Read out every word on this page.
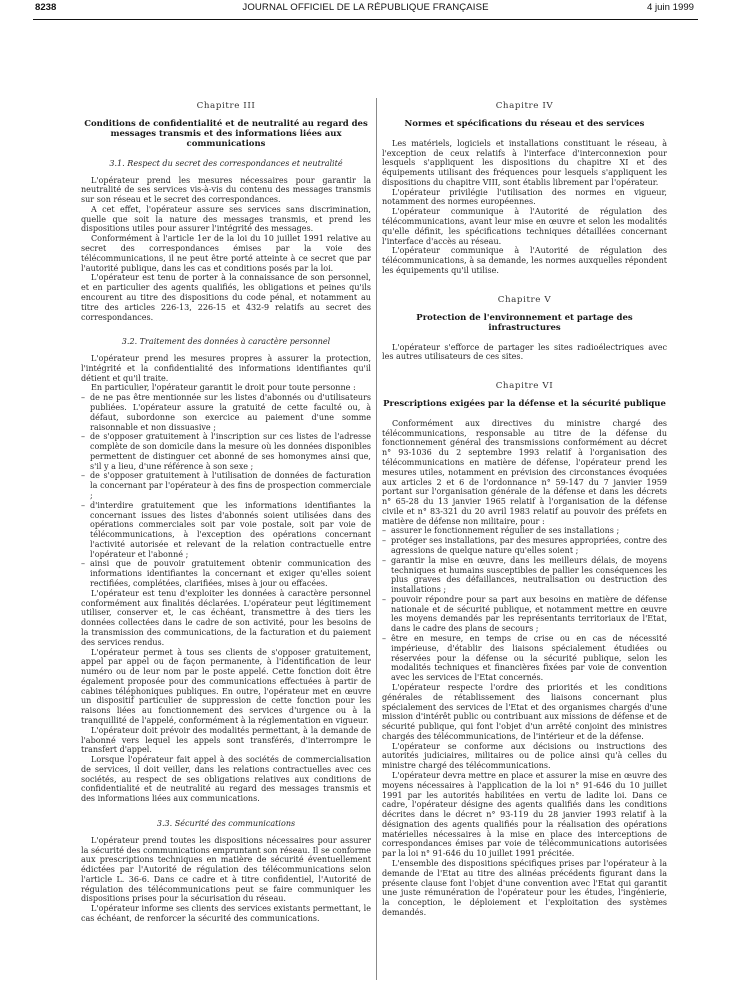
8238	JOURNAL OFFICIEL DE LA RÉPUBLIQUE FRANÇAISE	4 juin 1999
Chapitre III
Conditions de confidentialité et de neutralité au regard des messages transmis et des informations liées aux communications
3.1. Respect du secret des correspondances et neutralité

L'opérateur prend les mesures nécessaires pour garantir la neutralité de ses services vis-à-vis du contenu des messages transmis sur son réseau et le secret des correspondances.

A cet effet, l'opérateur assure ses services sans discrimination, quelle que soit la nature des messages transmis, et prend les dispositions utiles pour assurer l'intégrité des messages.

Conformément à l'article 1er de la loi du 10 juillet 1991 relative au secret des correspondances émises par la voie des télécommunications, il ne peut être porté atteinte à ce secret que par l'autorité publique, dans les cas et conditions posés par la loi.

L'opérateur est tenu de porter à la connaissance de son personnel, et en particulier des agents qualifiés, les obligations et peines qu'ils encourent au titre des dispositions du code pénal, et notamment au titre des articles 226-13, 226-15 et 432-9 relatifs au secret des correspondances.

3.2. Traitement des données à caractère personnel

L'opérateur prend les mesures propres à assurer la protection, l'intégrité et la confidentialité des informations identifiantes qu'il détient et qu'il traite.

En particulier, l'opérateur garantit le droit pour toute personne :

– de ne pas être mentionnée sur les listes d'abonnés ou d'utilisateurs publiées. L'opérateur assure la gratuité de cette faculté ou, à défaut, subordonne son exercice au paiement d'une somme raisonnable et non dissuasive ;
– de s'opposer gratuitement à l'inscription sur ces listes de l'adresse complète de son domicile dans la mesure où les données disponibles permettent de distinguer cet abonné de ses homonymes ainsi que, s'il y a lieu, d'une référence à son sexe ;
– de s'opposer gratuitement à l'utilisation de données de facturation la concernant par l'opérateur à des fins de prospection commerciale ;
– d'interdire gratuitement que les informations identifiantes la concernant issues des listes d'abonnés soient utilisées dans des opérations commerciales soit par voie postale, soit par voie de télécommunications, à l'exception des opérations concernant l'activité autorisée et relevant de la relation contractuelle entre l'opérateur et l'abonné ;
– ainsi que de pouvoir gratuitement obtenir communication des informations identifiantes la concernant et exiger qu'elles soient rectifiées, complétées, clarifiées, mises à jour ou effacées.

L'opérateur est tenu d'exploiter les données à caractère personnel conformément aux finalités déclarées. L'opérateur peut légitimement utiliser, conserver et, le cas échéant, transmettre à des tiers les données collectées dans le cadre de son activité, pour les besoins de la transmission des communications, de la facturation et du paiement des services rendus.

L'opérateur permet à tous ses clients de s'opposer gratuitement, appel par appel ou de façon permanente, à l'identification de leur numéro ou de leur nom par le poste appelé. Cette fonction doit être également proposée pour des communications effectuées à partir de cabines téléphoniques publiques. En outre, l'opérateur met en œuvre un dispositif particulier de suppression de cette fonction pour les raisons liées au fonctionnement des services d'urgence ou à la tranquillité de l'appelé, conformément à la réglementation en vigueur.

L'opérateur doit prévoir des modalités permettant, à la demande de l'abonné vers lequel les appels sont transférés, d'interrompre le transfert d'appel.

Lorsque l'opérateur fait appel à des sociétés de commercialisation de services, il doit veiller, dans les relations contractuelles avec ces sociétés, au respect de ses obligations relatives aux conditions de confidentialité et de neutralité au regard des messages transmis et des informations liées aux communications.

3.3. Sécurité des communications

L'opérateur prend toutes les dispositions nécessaires pour assurer la sécurité des communications empruntant son réseau. Il se conforme aux prescriptions techniques en matière de sécurité éventuellement édictées par l'Autorité de régulation des télécommunications selon l'article L. 36-6. Dans ce cadre et à titre confidentiel, l'Autorité de régulation des télécommunications peut se faire communiquer les dispositions prises pour la sécurisation du réseau.

L'opérateur informe ses clients des services existants permettant, le cas échéant, de renforcer la sécurité des communications.

Chapitre IV
Normes et spécifications du réseau et des services

Les matériels, logiciels et installations constituant le réseau, à l'exception de ceux relatifs à l'interface d'interconnexion pour lesquels s'appliquent les dispositions du chapitre XI et des équipements utilisant des fréquences pour lesquels s'appliquent les dispositions du chapitre VIII, sont établis librement par l'opérateur.

L'opérateur privilégie l'utilisation des normes en vigueur, notamment des normes européennes.

L'opérateur communique à l'Autorité de régulation des télécommunications, avant leur mise en œuvre et selon les modalités qu'elle définit, les spécifications techniques détaillées concernant l'interface d'accès au réseau.

L'opérateur communique à l'Autorité de régulation des télécommunications, à sa demande, les normes auxquelles répondent les équipements qu'il utilise.

Chapitre V
Protection de l'environnement et partage des infrastructures

L'opérateur s'efforce de partager les sites radioélectriques avec les autres utilisateurs de ces sites.

Chapitre VI
Prescriptions exigées par la défense et la sécurité publique

Conformément aux directives du ministre chargé des télécommunications, responsable au titre de la défense du fonctionnement général des transmissions conformément au décret n° 93-1036 du 2 septembre 1993 relatif à l'organisation des télécommunications en matière de défense, l'opérateur prend les mesures utiles, notamment en prévision des circonstances évoquées aux articles 2 et 6 de l'ordonnance n° 59-147 du 7 janvier 1959 portant sur l'organisation générale de la défense et dans les décrets n° 65-28 du 13 janvier 1965 relatif à l'organisation de la défense civile et n° 83-321 du 20 avril 1983 relatif au pouvoir des préfets en matière de défense non militaire, pour :

– assurer le fonctionnement régulier de ses installations ;
– protéger ses installations, par des mesures appropriées, contre des agressions de quelque nature qu'elles soient ;
– garantir la mise en œuvre, dans les meilleurs délais, de moyens techniques et humains susceptibles de pallier les conséquences les plus graves des défaillances, neutralisation ou destruction des installations ;
– pouvoir répondre pour sa part aux besoins en matière de défense nationale et de sécurité publique, et notamment mettre en œuvre les moyens demandés par les représentants territoriaux de l'Etat, dans le cadre des plans de secours ;
– être en mesure, en temps de crise ou en cas de nécessité impérieuse, d'établir des liaisons spécialement étudiées ou réservées pour la défense ou la sécurité publique, selon les modalités techniques et financières fixées par voie de convention avec les services de l'Etat concernés.

L'opérateur respecte l'ordre des priorités et les conditions générales de rétablissement des liaisons concernant plus spécialement des services de l'Etat et des organismes chargés d'une mission d'intérêt public ou contribuant aux missions de défense et de sécurité publique, qui font l'objet d'un arrêté conjoint des ministres chargés des télécommunications, de l'intérieur et de la défense.

L'opérateur se conforme aux décisions ou instructions des autorités judiciaires, militaires ou de police ainsi qu'à celles du ministre chargé des télécommunications.

L'opérateur devra mettre en place et assurer la mise en œuvre des moyens nécessaires à l'application de la loi n° 91-646 du 10 juillet 1991 par les autorités habilitées en vertu de ladite loi. Dans ce cadre, l'opérateur désigne des agents qualifiés dans les conditions décrites dans le décret n° 93-119 du 28 janvier 1993 relatif à la désignation des agents qualifiés pour la réalisation des opérations matérielles nécessaires à la mise en place des interceptions de correspondances émises par voie de télécommunications autorisées par la loi n° 91-646 du 10 juillet 1991 précitée.

L'ensemble des dispositions spécifiques prises par l'opérateur à la demande de l'Etat au titre des alinéas précédents figurant dans la présente clause font l'objet d'une convention avec l'Etat qui garantit une juste rémunération de l'opérateur pour les études, l'ingénierie, la conception, le déploiement et l'exploitation des systèmes demandés.
